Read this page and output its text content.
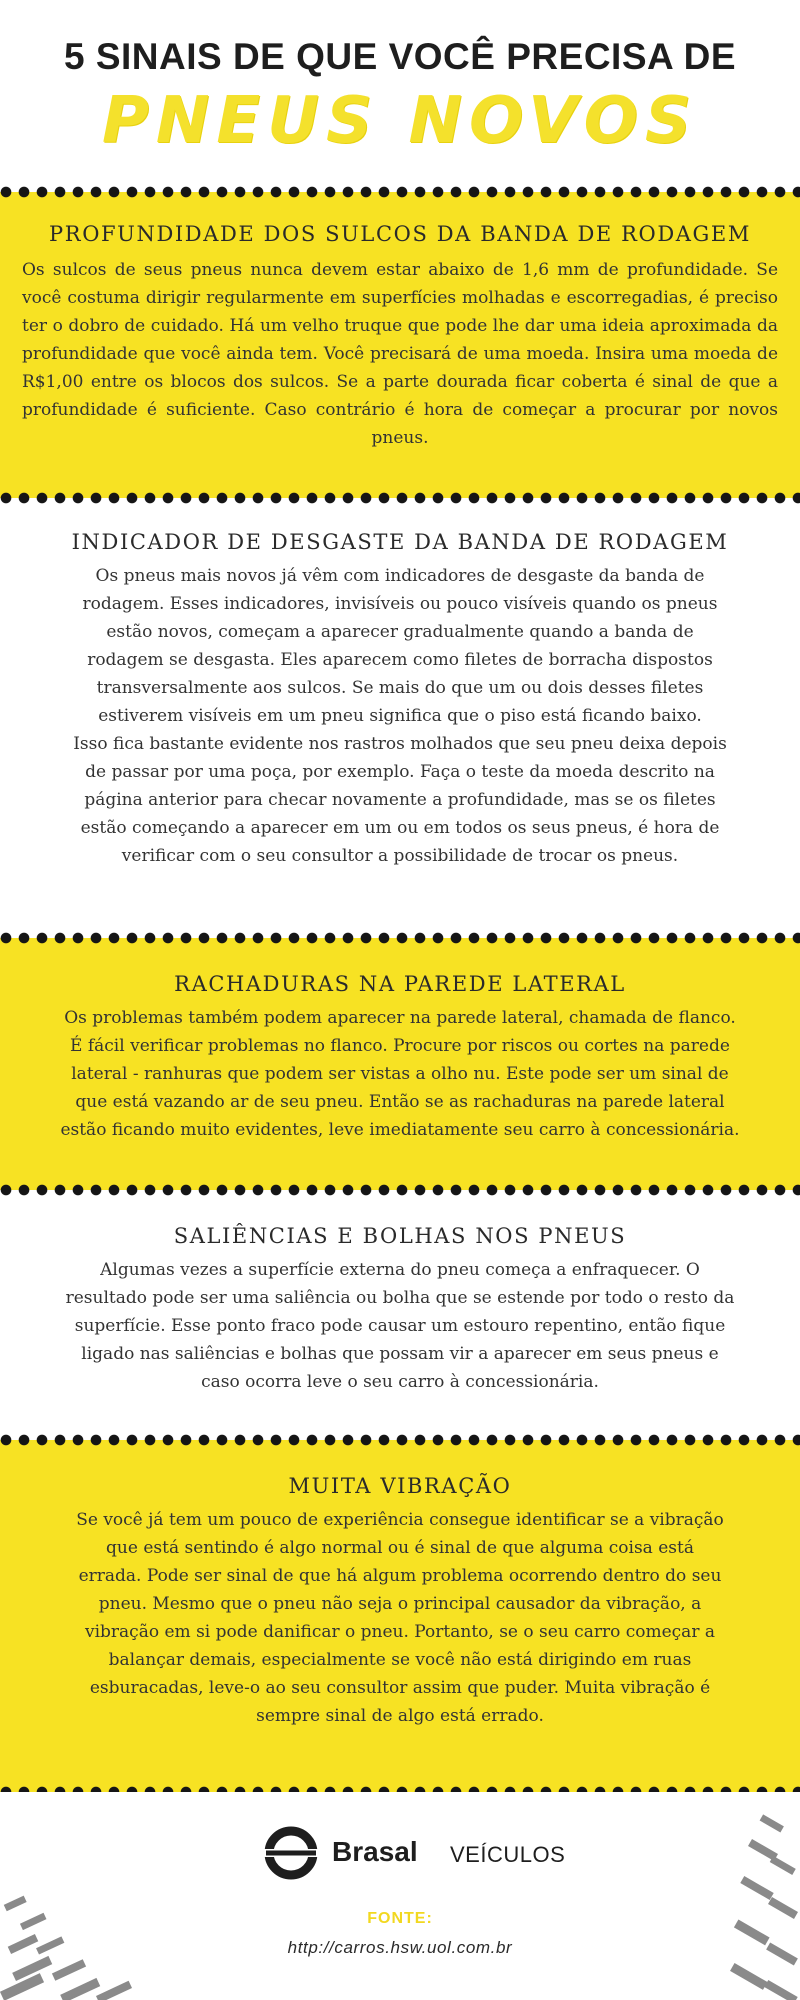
5 SINAIS DE QUE VOCÊ PRECISA DE
PNEUS NOVOS
PROFUNDIDADE DOS SULCOS DA BANDA DE RODAGEM
Os sulcos de seus pneus nunca devem estar abaixo de 1,6 mm de profundidade. Se você costuma dirigir regularmente em superfícies molhadas e escorregadias, é preciso ter o dobro de cuidado. Há um velho truque que pode lhe dar uma ideia aproximada da profundidade que você ainda tem. Você precisará de uma moeda. Insira uma moeda de R$1,00 entre os blocos dos sulcos. Se a parte dourada ficar coberta é sinal de que a profundidade é suficiente. Caso contrário é hora de começar a procurar por novos pneus.
INDICADOR DE DESGASTE DA BANDA DE RODAGEM
Os pneus mais novos já vêm com indicadores de desgaste da banda de rodagem. Esses indicadores, invisíveis ou pouco visíveis quando os pneus estão novos, começam a aparecer gradualmente quando a banda de rodagem se desgasta. Eles aparecem como filetes de borracha dispostos transversalmente aos sulcos. Se mais do que um ou dois desses filetes estiverem visíveis em um pneu significa que o piso está ficando baixo.
Isso fica bastante evidente nos rastros molhados que seu pneu deixa depois de passar por uma poça, por exemplo. Faça o teste da moeda descrito na página anterior para checar novamente a profundidade, mas se os filetes estão começando a aparecer em um ou em todos os seus pneus, é hora de verificar com o seu consultor a possibilidade de trocar os pneus.
RACHADURAS NA PAREDE LATERAL
Os problemas também podem aparecer na parede lateral, chamada de flanco. É fácil verificar problemas no flanco. Procure por riscos ou cortes na parede lateral - ranhuras que podem ser vistas a olho nu. Este pode ser um sinal de que está vazando ar de seu pneu. Então se as rachaduras na parede lateral estão ficando muito evidentes, leve imediatamente seu carro à concessionária.
SALIÊNCIAS E BOLHAS NOS PNEUS
Algumas vezes a superfície externa do pneu começa a enfraquecer. O resultado pode ser uma saliência ou bolha que se estende por todo o resto da superfície. Esse ponto fraco pode causar um estouro repentino, então fique ligado nas saliências e bolhas que possam vir a aparecer em seus pneus e caso ocorra leve o seu carro à concessionária.
MUITA VIBRAÇÃO
Se você já tem um pouco de experiência consegue identificar se a vibração que está sentindo é algo normal ou é sinal de que alguma coisa está errada. Pode ser sinal de que há algum problema ocorrendo dentro do seu pneu. Mesmo que o pneu não seja o principal causador da vibração, a vibração em si pode danificar o pneu. Portanto, se o seu carro começar a balançar demais, especialmente se você não está dirigindo em ruas esburacadas, leve-o ao seu consultor assim que puder. Muita vibração é sempre sinal de algo está errado.
Brasal VEÍCULOS
FONTE:
http://carros.hsw.uol.com.br
